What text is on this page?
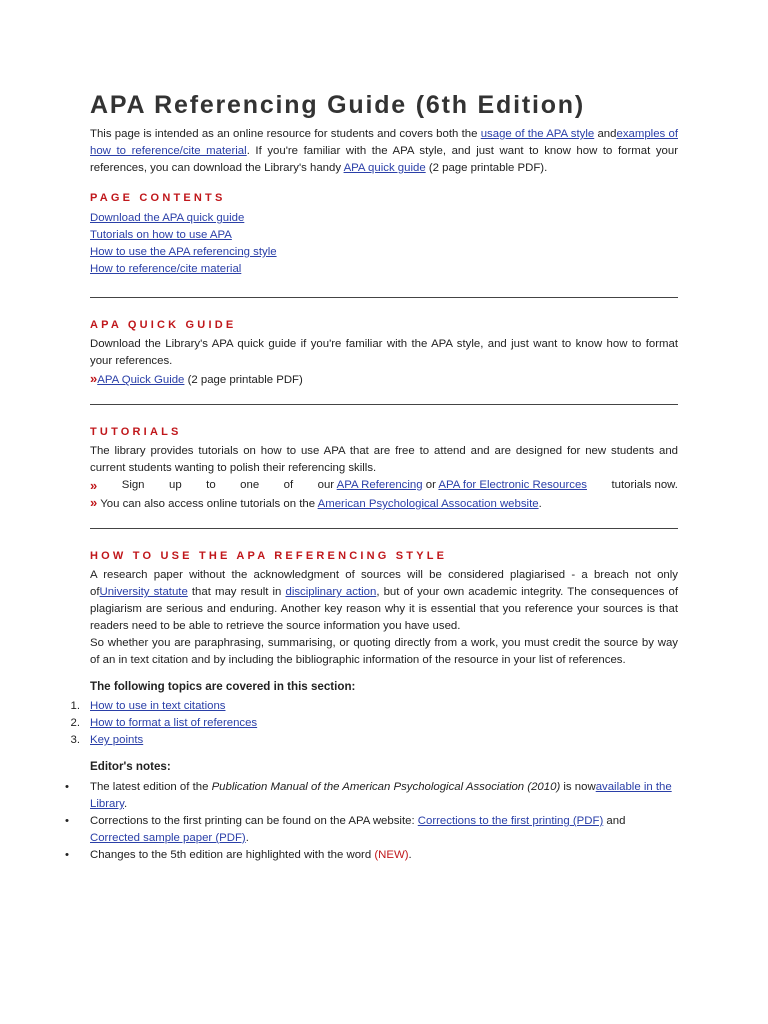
APA Referencing Guide (6th Edition)

This page is intended as an online resource for students and covers both the usage of the APA style andexamples of how to reference/cite material. If you're familiar with the APA style, and just want to know how to format your references, you can download the Library's handy APA quick guide (2 page printable PDF).

PAGE CONTENTS
Download the APA quick guide
Tutorials on how to use APA
How to use the APA referencing style
How to reference/cite material
APA QUICK GUIDE

Download the Library's APA quick guide if you're familiar with the APA style, and just want to know how to format your references.

»APA Quick Guide (2 page printable PDF)

TUTORIALS

The library provides tutorials on how to use APA that are free to attend and are designed for new students and current students wanting to polish their referencing skills.

» Sign up to one of our APA Referencing or APA for Electronic Resources tutorials now.

» You can also access online tutorials on the American Psychological Assocation website.

HOW TO USE THE APA REFERENCING STYLE

A research paper without the acknowledgment of sources will be considered plagiarised - a breach not only ofUniversity statute that may result in disciplinary action, but of your own academic integrity. The consequences of plagiarism are serious and enduring. Another key reason why it is essential that you reference your sources is that readers need to be able to retrieve the source information you have used.

So whether you are paraphrasing, summarising, or quoting directly from a work, you must credit the source by way of an in text citation and by including the bibliographic information of the resource in your list of references.

The following topics are covered in this section:

1. How to use in text citations
2. How to format a list of references
3. Key points

Editor's notes:

• The latest edition of the Publication Manual of the American Psychological Association (2010) is nowavailable in the Library.
• Corrections to the first printing can be found on the APA website: Corrections to the first printing (PDF) and Corrected sample paper (PDF).
• Changes to the 5th edition are highlighted with the word (NEW).
